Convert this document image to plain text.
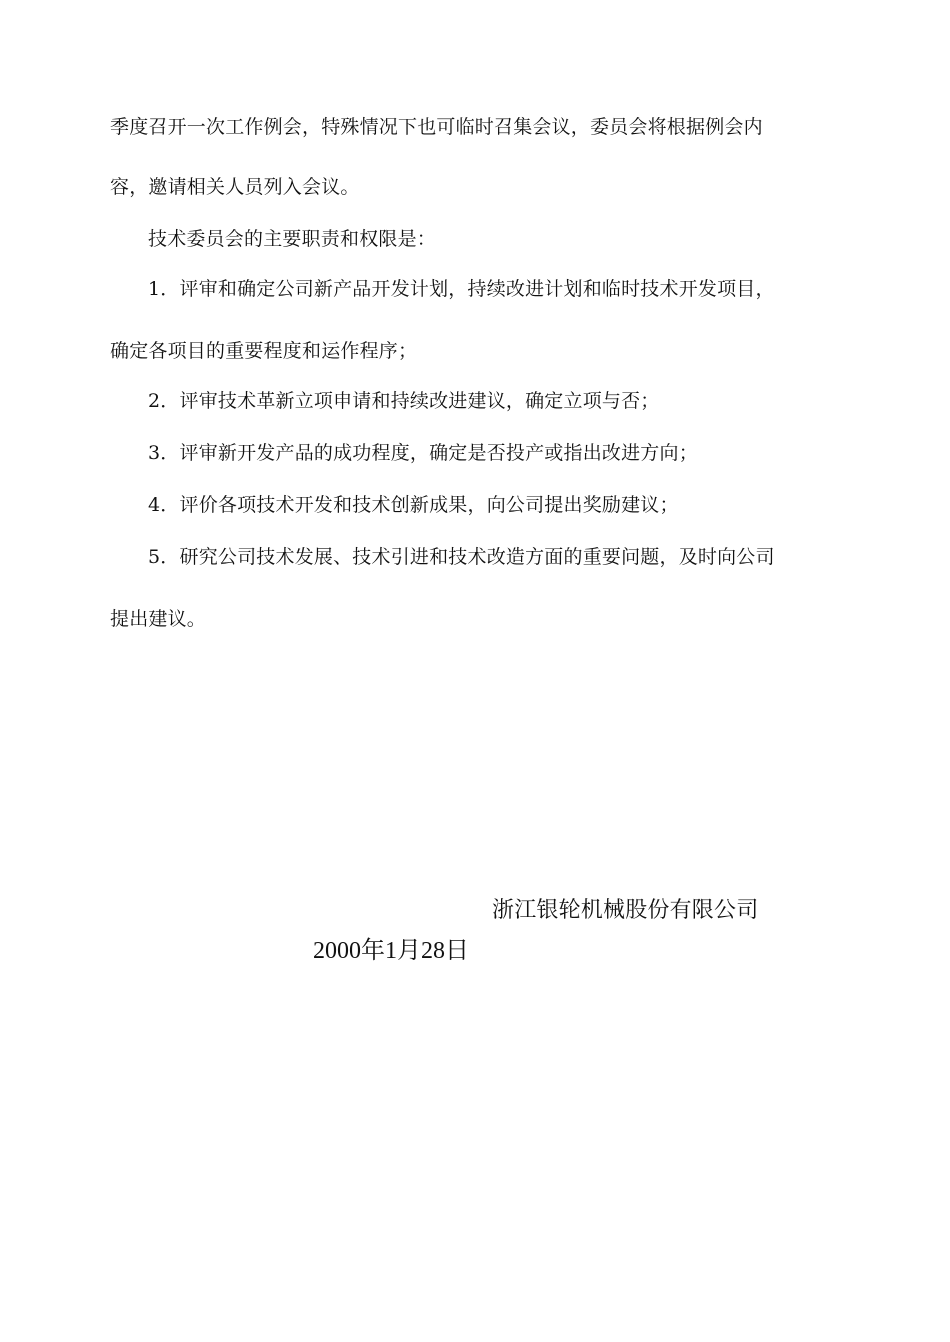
季度召开一次工作例会，特殊情况下也可临时召集会议，委员会将根据例会内
容，邀请相关人员列入会议。
技术委员会的主要职责和权限是：
1．评审和确定公司新产品开发计划，持续改进计划和临时技术开发项目，
确定各项目的重要程度和运作程序；
2．评审技术革新立项申请和持续改进建议，确定立项与否；
3．评审新开发产品的成功程度，确定是否投产或指出改进方向；
4．评价各项技术开发和技术创新成果，向公司提出奖励建议；
5．研究公司技术发展、技术引进和技术改造方面的重要问题，及时向公司
提出建议。
浙江银轮机械股份有限公司
2000年1月28日
